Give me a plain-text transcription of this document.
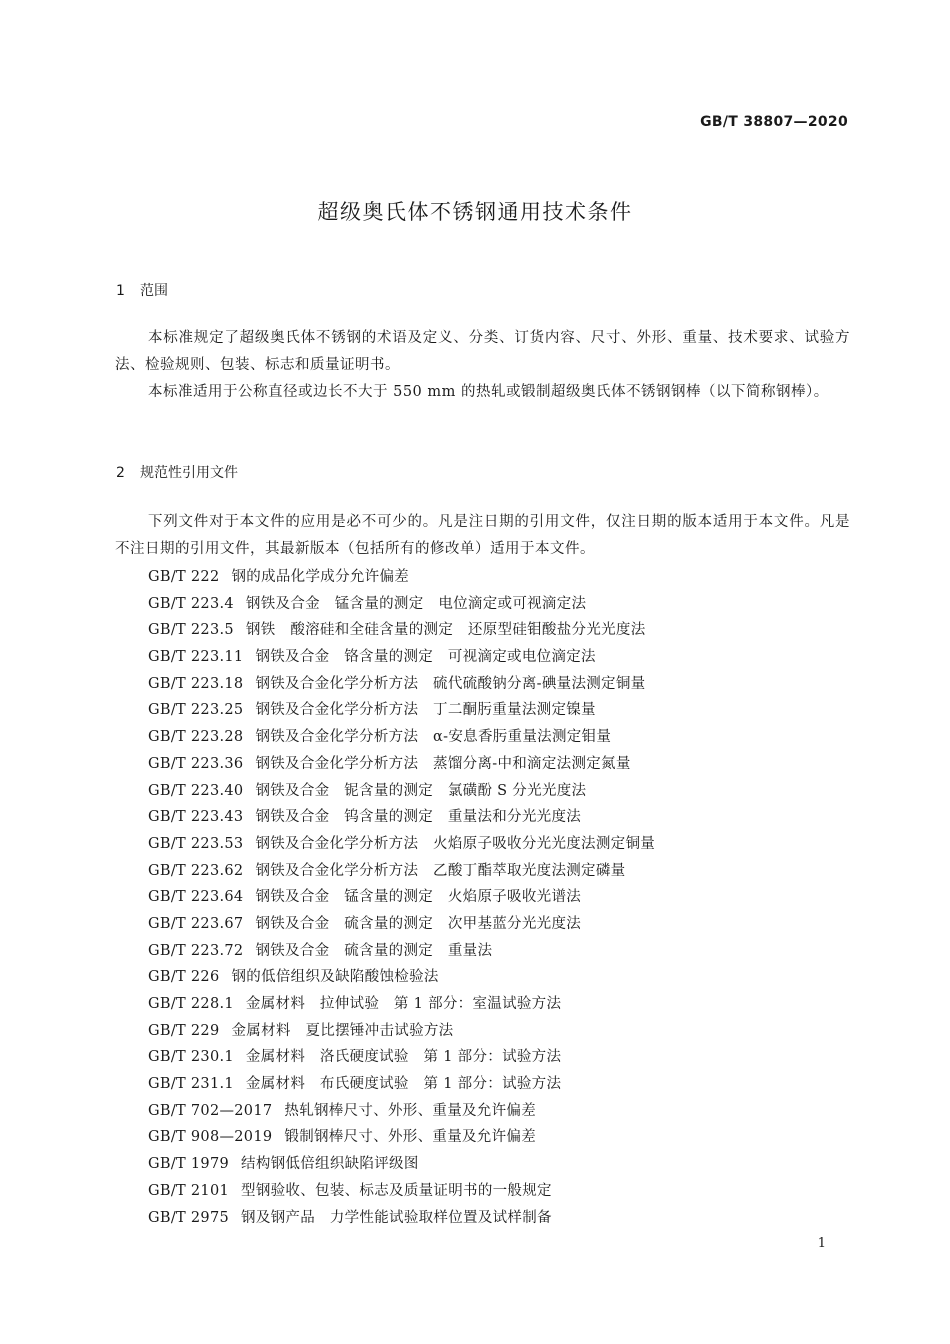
GB/T 38807—2020
超级奥氏体不锈钢通用技术条件
1 范围

本标准规定了超级奥氏体不锈钢的术语及定义、分类、订货内容、尺寸、外形、重量、技术要求、试验方法、检验规则、包装、标志和质量证明书。

本标准适用于公称直径或边长不大于 550 mm 的热轧或锻制超级奥氏体不锈钢钢棒（以下简称钢棒）。

2 规范性引用文件

下列文件对于本文件的应用是必不可少的。凡是注日期的引用文件，仅注日期的版本适用于本文件。凡是不注日期的引用文件，其最新版本（包括所有的修改单）适用于本文件。

GB/T 222 钢的成品化学成分允许偏差
GB/T 223.4 钢铁及合金　锰含量的测定　电位滴定或可视滴定法
GB/T 223.5 钢铁　酸溶硅和全硅含量的测定　还原型硅钼酸盐分光光度法
GB/T 223.11 钢铁及合金　铬含量的测定　可视滴定或电位滴定法
GB/T 223.18 钢铁及合金化学分析方法　硫代硫酸钠分离-碘量法测定铜量
GB/T 223.25 钢铁及合金化学分析方法　丁二酮肟重量法测定镍量
GB/T 223.28 钢铁及合金化学分析方法　α-安息香肟重量法测定钼量
GB/T 223.36 钢铁及合金化学分析方法　蒸馏分离-中和滴定法测定氮量
GB/T 223.40 钢铁及合金　铌含量的测定　氯磺酚 S 分光光度法
GB/T 223.43 钢铁及合金　钨含量的测定　重量法和分光光度法
GB/T 223.53 钢铁及合金化学分析方法　火焰原子吸收分光光度法测定铜量
GB/T 223.62 钢铁及合金化学分析方法　乙酸丁酯萃取光度法测定磷量
GB/T 223.64 钢铁及合金　锰含量的测定　火焰原子吸收光谱法
GB/T 223.67 钢铁及合金　硫含量的测定　次甲基蓝分光光度法
GB/T 223.72 钢铁及合金　硫含量的测定　重量法
GB/T 226 钢的低倍组织及缺陷酸蚀检验法
GB/T 228.1 金属材料　拉伸试验　第 1 部分：室温试验方法
GB/T 229 金属材料　夏比摆锤冲击试验方法
GB/T 230.1 金属材料　洛氏硬度试验　第 1 部分：试验方法
GB/T 231.1 金属材料　布氏硬度试验　第 1 部分：试验方法
GB/T 702—2017 热轧钢棒尺寸、外形、重量及允许偏差
GB/T 908—2019 锻制钢棒尺寸、外形、重量及允许偏差
GB/T 1979 结构钢低倍组织缺陷评级图
GB/T 2101 型钢验收、包装、标志及质量证明书的一般规定
GB/T 2975 钢及钢产品　力学性能试验取样位置及试样制备
1
